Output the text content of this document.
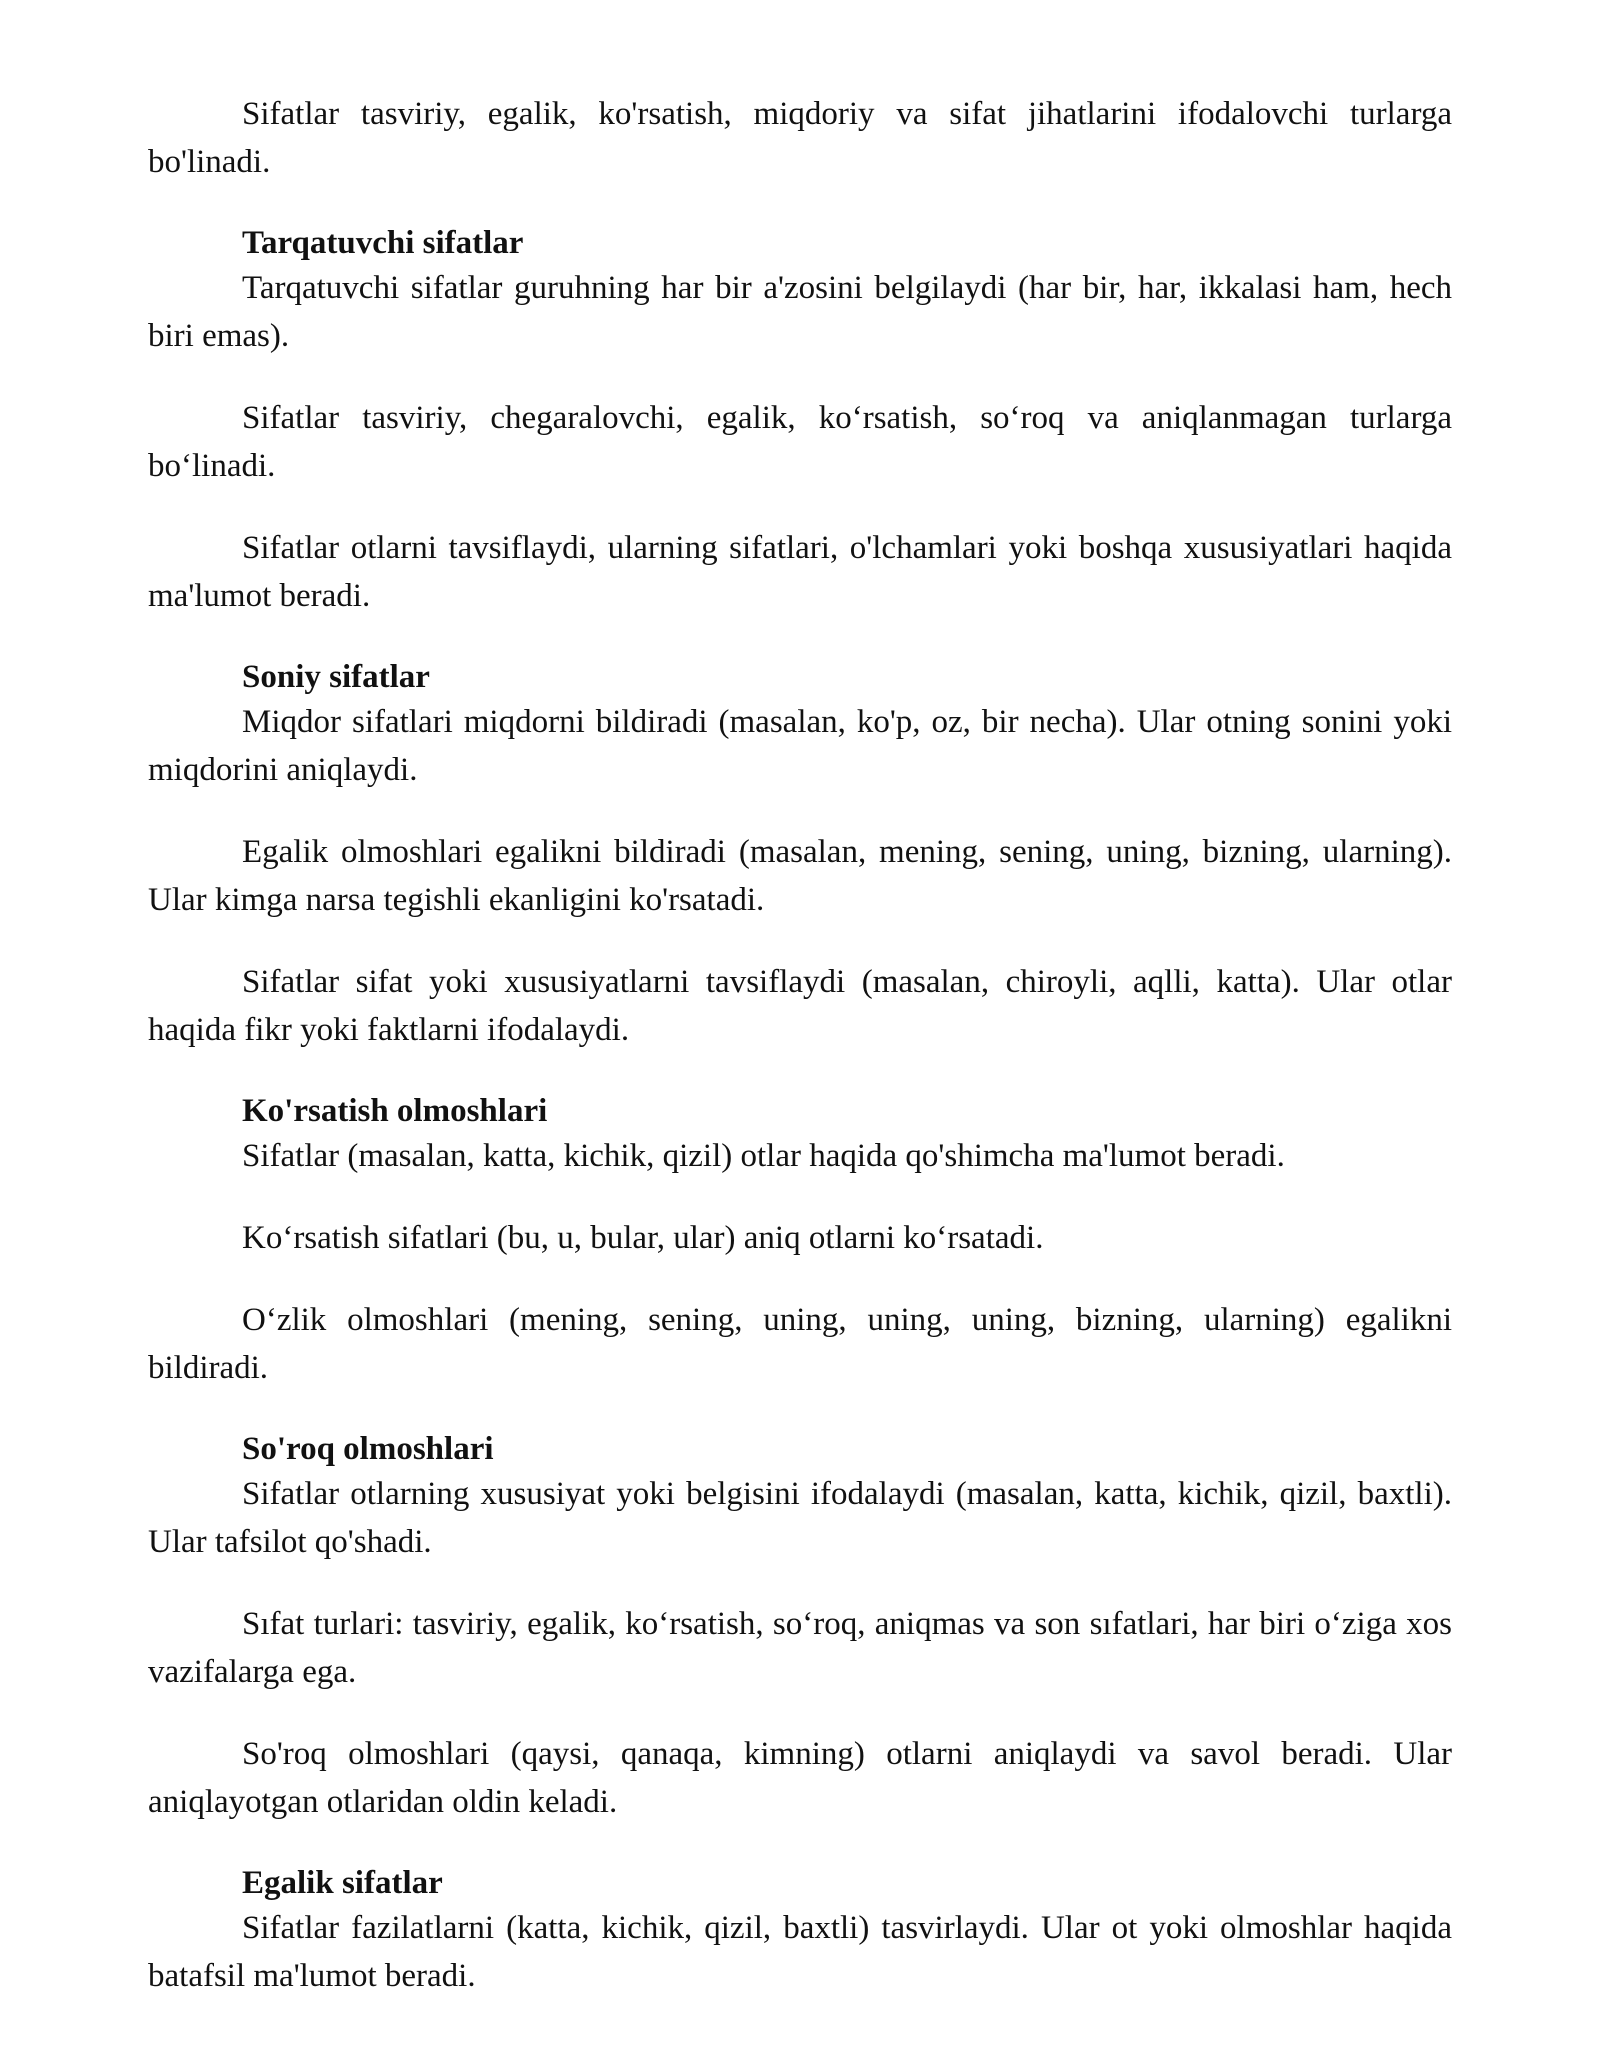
Sifatlar tasviriy, egalik, ko'rsatish, miqdoriy va sifat jihatlarini ifodalovchi turlarga bo'linadi.

Tarqatuvchi sifatlar

Tarqatuvchi sifatlar guruhning har bir a'zosini belgilaydi (har bir, har, ikkalasi ham, hech biri emas).

Sifatlar tasviriy, chegaralovchi, egalik, ko‘rsatish, so‘roq va aniqlanmagan turlarga bo‘linadi.

Sifatlar otlarni tavsiflaydi, ularning sifatlari, o'lchamlari yoki boshqa xususiyatlari haqida ma'lumot beradi.

Soniy sifatlar

Miqdor sifatlari miqdorni bildiradi (masalan, ko'p, oz, bir necha). Ular otning sonini yoki miqdorini aniqlaydi.

Egalik olmoshlari egalikni bildiradi (masalan, mening, sening, uning, bizning, ularning). Ular kimga narsa tegishli ekanligini ko'rsatadi.

Sifatlar sifat yoki xususiyatlarni tavsiflaydi (masalan, chiroyli, aqlli, katta). Ular otlar haqida fikr yoki faktlarni ifodalaydi.

Ko'rsatish olmoshlari

Sifatlar (masalan, katta, kichik, qizil) otlar haqida qo'shimcha ma'lumot beradi.

Ko‘rsatish sifatlari (bu, u, bular, ular) aniq otlarni ko‘rsatadi.

O‘zlik olmoshlari (mening, sening, uning, uning, uning, bizning, ularning) egalikni bildiradi.

So'roq olmoshlari

Sifatlar otlarning xususiyat yoki belgisini ifodalaydi (masalan, katta, kichik, qizil, baxtli). Ular tafsilot qo'shadi.

Sıfat turlari: tasviriy, egalik, ko‘rsatish, so‘roq, aniqmas va son sıfatlari, har biri o‘ziga xos vazifalarga ega.

So'roq olmoshlari (qaysi, qanaqa, kimning) otlarni aniqlaydi va savol beradi. Ular aniqlayotgan otlaridan oldin keladi.

Egalik sifatlar

Sifatlar fazilatlarni (katta, kichik, qizil, baxtli) tasvirlaydi. Ular ot yoki olmoshlar haqida batafsil ma'lumot beradi.
